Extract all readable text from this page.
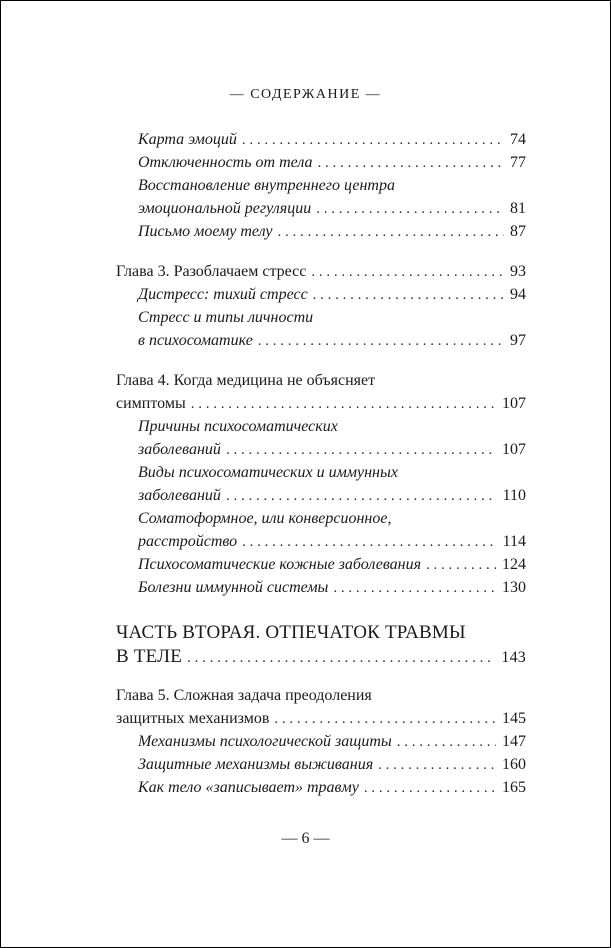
— СОДЕРЖАНИЕ —
Карта эмоций . . .	74
Отключенность от тела . . .	77
Восстановление внутреннего центра
эмоциональной регуляции . . .	81
Письмо моему телу . . .	87
Глава 3. Разоблачаем стресс . . .	93
Дистресс: тихий стресс . . .	94
Стресс и типы личности
в психосоматике . . .	97
Глава 4. Когда медицина не объясняет
симптомы . . .	107
Причины психосоматических
заболеваний . . .	107
Виды психосоматических и иммунных
заболеваний . . .	110
Соматоформное, или конверсионное,
расстройство . . .	114
Психосоматические кожные заболевания . . .	124
Болезни иммунной системы . . .	130
ЧАСТЬ ВТОРАЯ. ОТПЕЧАТОК ТРАВМЫ
В ТЕЛЕ . . .	143
Глава 5. Сложная задача преодоления
защитных механизмов . . .	145
Механизмы психологической защиты . . .	147
Защитные механизмы выживания . . .	160
Как тело «записывает» травму . . .	165
— 6 —
